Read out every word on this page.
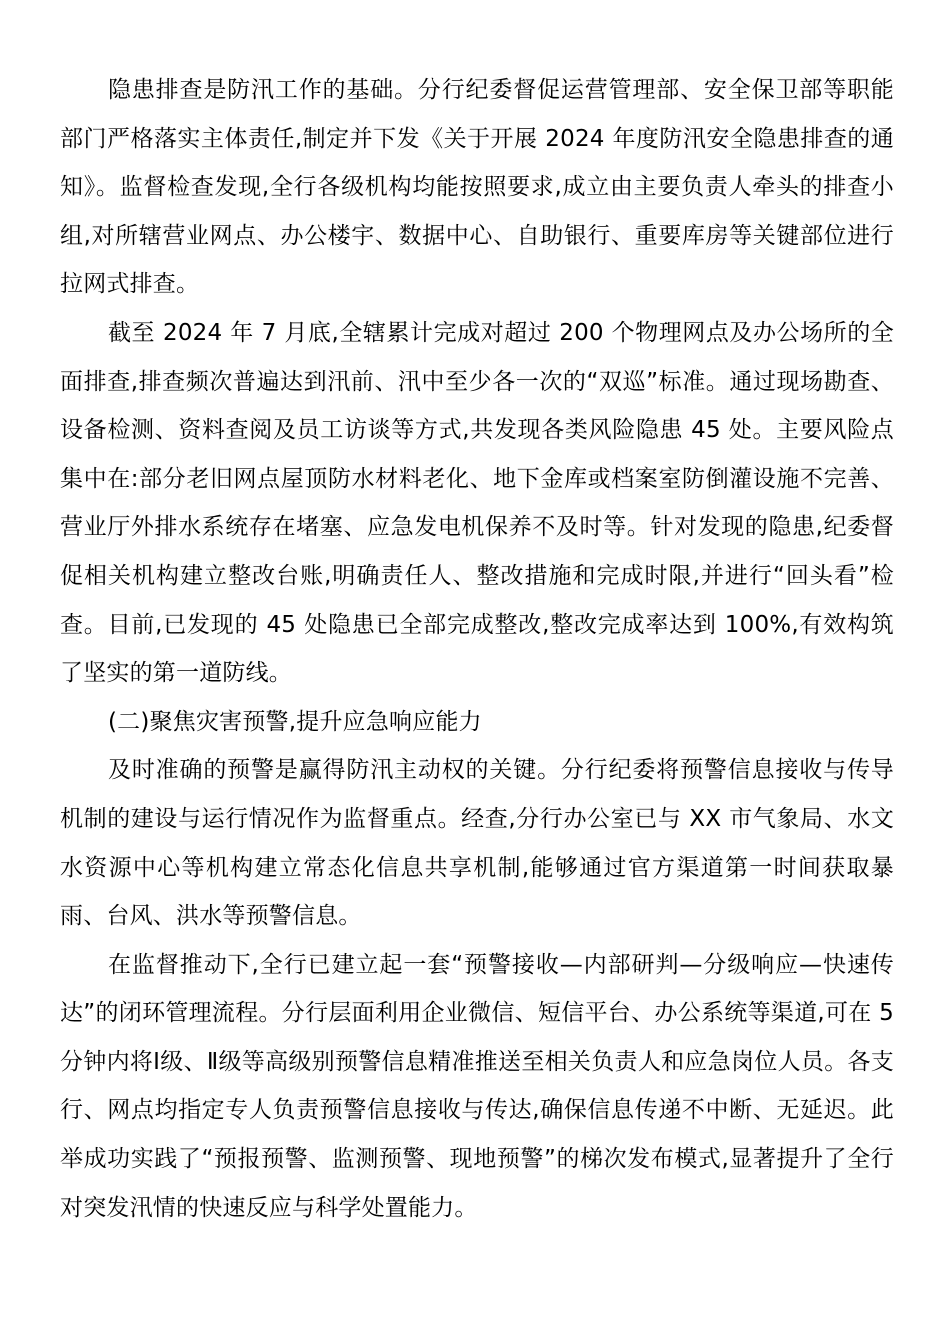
隐患排查是防汛工作的基础。分行纪委督促运营管理部、安全保卫部等职能部门严格落实主体责任,制定并下发《关于开展 2024 年度防汛安全隐患排查的通知》。监督检查发现,全行各级机构均能按照要求,成立由主要负责人牵头的排查小组,对所辖营业网点、办公楼宇、数据中心、自助银行、重要库房等关键部位进行拉网式排查。

截至 2024 年 7 月底,全辖累计完成对超过 200 个物理网点及办公场所的全面排查,排查频次普遍达到汛前、汛中至少各一次的“双巡”标准。通过现场勘查、设备检测、资料查阅及员工访谈等方式,共发现各类风险隐患 45 处。主要风险点集中在:部分老旧网点屋顶防水材料老化、地下金库或档案室防倒灌设施不完善、营业厅外排水系统存在堵塞、应急发电机保养不及时等。针对发现的隐患,纪委督促相关机构建立整改台账,明确责任人、整改措施和完成时限,并进行“回头看”检查。目前,已发现的 45 处隐患已全部完成整改,整改完成率达到 100%,有效构筑了坚实的第一道防线。

(二)聚焦灾害预警,提升应急响应能力

及时准确的预警是赢得防汛主动权的关键。分行纪委将预警信息接收与传导机制的建设与运行情况作为监督重点。经查,分行办公室已与 XX 市气象局、水文水资源中心等机构建立常态化信息共享机制,能够通过官方渠道第一时间获取暴雨、台风、洪水等预警信息。

在监督推动下,全行已建立起一套“预警接收—内部研判—分级响应—快速传达”的闭环管理流程。分行层面利用企业微信、短信平台、办公系统等渠道,可在 5 分钟内将Ⅰ级、Ⅱ级等高级别预警信息精准推送至相关负责人和应急岗位人员。各支行、网点均指定专人负责预警信息接收与传达,确保信息传递不中断、无延迟。此举成功实践了“预报预警、监测预警、现地预警”的梯次发布模式,显著提升了全行对突发汛情的快速反应与科学处置能力。
